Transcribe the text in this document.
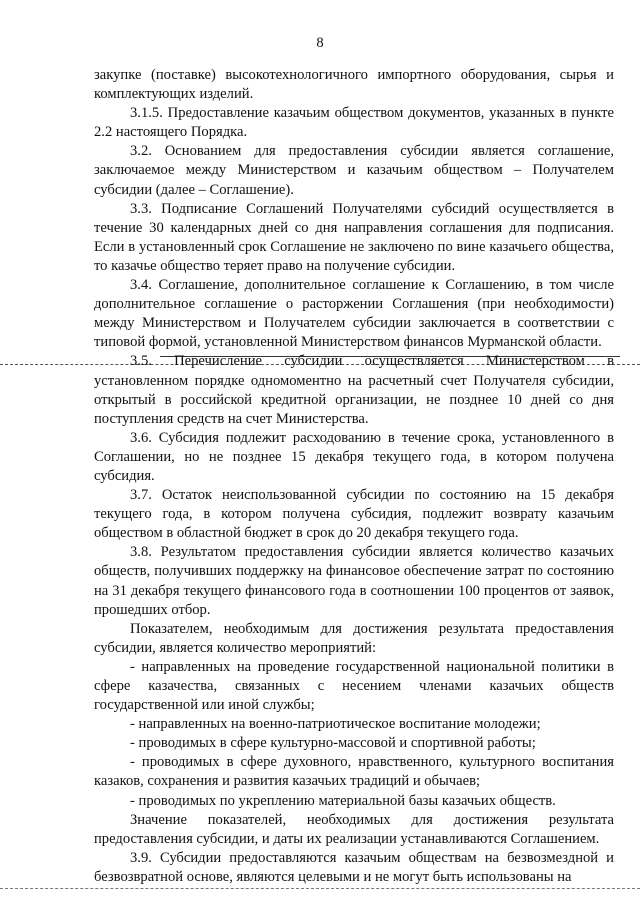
8

закупке (поставке) высокотехнологичного импортного оборудования, сырья и комплектующих изделий.

3.1.5. Предоставление казачьим обществом документов, указанных в пункте 2.2 настоящего Порядка.

3.2. Основанием для предоставления субсидии является соглашение, заключаемое между Министерством и казачьим обществом – Получателем субсидии (далее – Соглашение).

3.3. Подписание Соглашений Получателями субсидий осуществляется в течение 30 календарных дней со дня направления соглашения для подписания. Если в установленный срок Соглашение не заключено по вине казачьего общества, то казачье общество теряет право на получение субсидии.

3.4. Соглашение, дополнительное соглашение к Соглашению, в том числе дополнительное соглашение о расторжении Соглашения (при необходимости) между Министерством и Получателем субсидии заключается в соответствии с типовой формой, установленной Министерством финансов Мурманской области.

3.5. Перечисление субсидии осуществляется Министерством в установленном порядке одномоментно на расчетный счет Получателя субсидии, открытый в российской кредитной организации, не позднее 10 дней со дня поступления средств на счет Министерства.

3.6. Субсидия подлежит расходованию в течение срока, установленного в Соглашении, но не позднее 15 декабря текущего года, в котором получена субсидия.

3.7. Остаток неиспользованной субсидии по состоянию на 15 декабря текущего года, в котором получена субсидия, подлежит возврату казачьим обществом в областной бюджет в срок до 20 декабря текущего года.

3.8. Результатом предоставления субсидии является количество казачьих обществ, получивших поддержку на финансовое обеспечение затрат по состоянию на 31 декабря текущего финансового года в соотношении 100 процентов от заявок, прошедших отбор.

Показателем, необходимым для достижения результата предоставления субсидии, является количество мероприятий:

- направленных на проведение государственной национальной политики в сфере казачества, связанных с несением членами казачьих обществ государственной или иной службы;

- направленных на военно-патриотическое воспитание молодежи;

- проводимых в сфере культурно-массовой и спортивной работы;

- проводимых в сфере духовного, нравственного, культурного воспитания казаков, сохранения и развития казачьих традиций и обычаев;

- проводимых по укреплению материальной базы казачьих обществ.

Значение показателей, необходимых для достижения результата предоставления субсидии, и даты их реализации устанавливаются Соглашением.

3.9. Субсидии предоставляются казачьим обществам на безвозмездной и безвозвратной основе, являются целевыми и не могут быть использованы на
